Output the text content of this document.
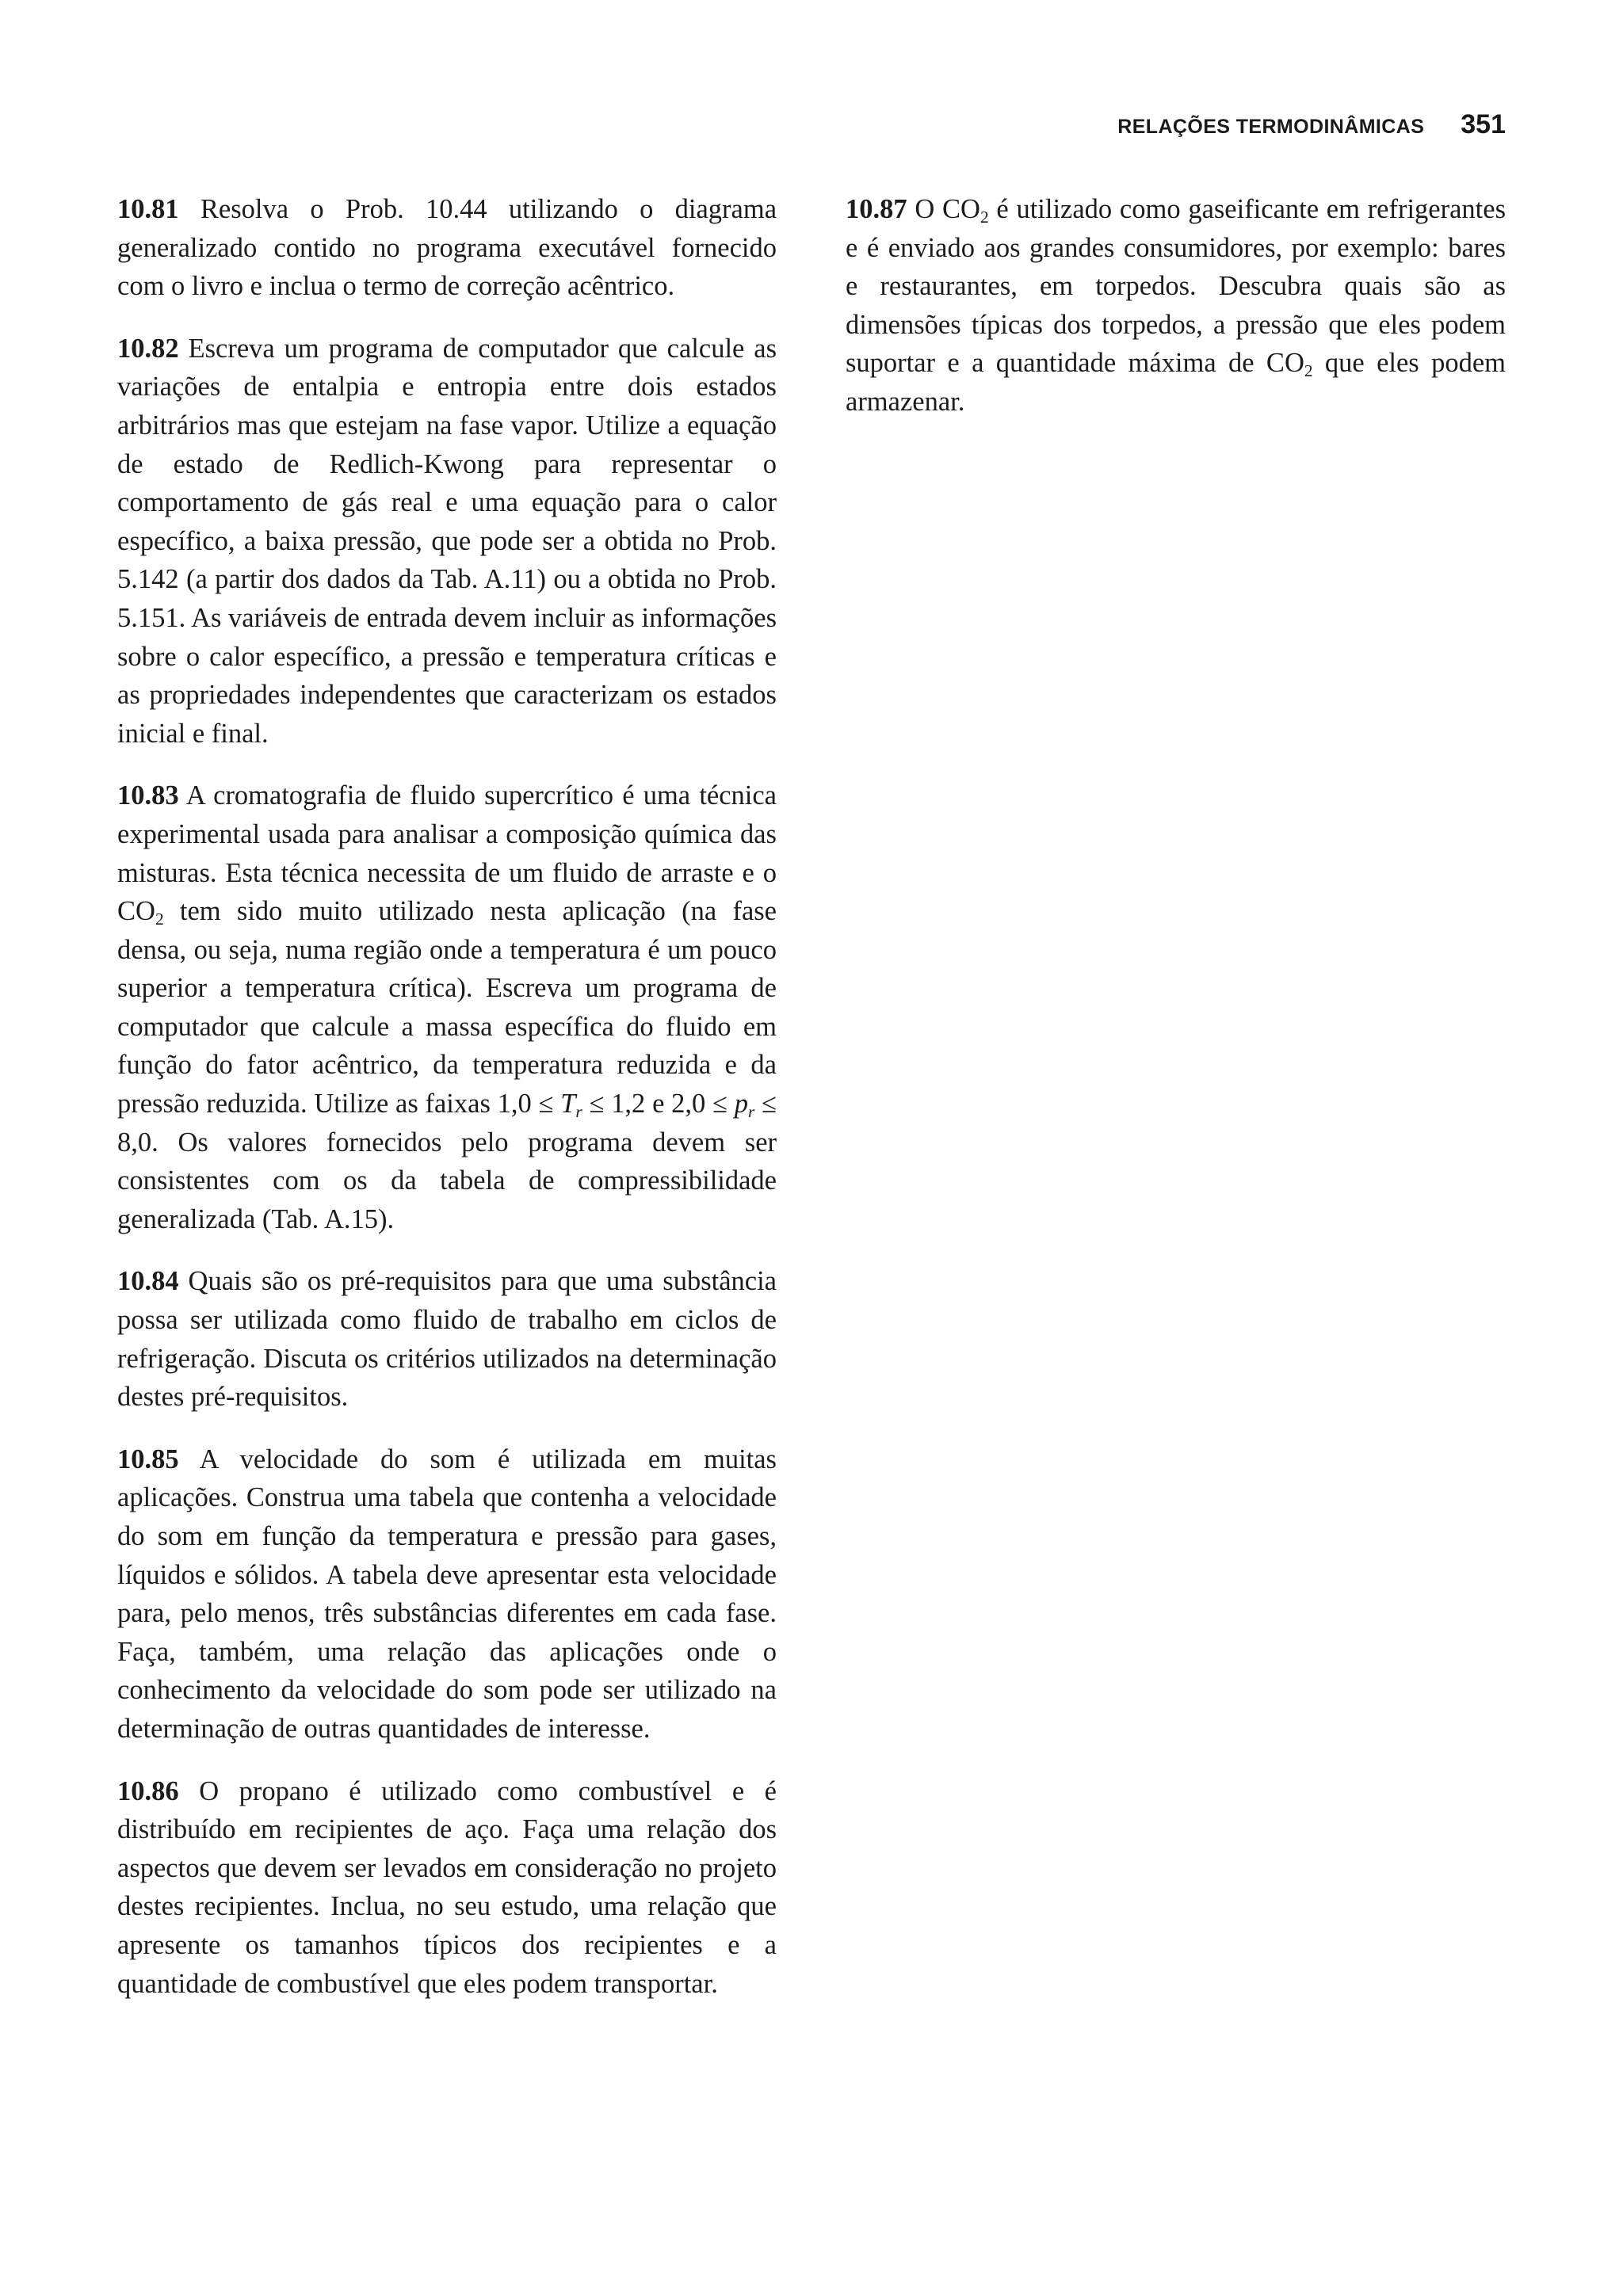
RELAÇÕES TERMODINÂMICAS 351

10.81 Resolva o Prob. 10.44 utilizando o diagrama generalizado contido no programa executável fornecido com o livro e inclua o termo de correção acêntrico.

10.82 Escreva um programa de computador que calcule as variações de entalpia e entropia entre dois estados arbitrários mas que estejam na fase vapor. Utilize a equação de estado de Redlich-Kwong para representar o comportamento de gás real e uma equação para o calor específico, a baixa pressão, que pode ser a obtida no Prob. 5.142 (a partir dos dados da Tab. A.11) ou a obtida no Prob. 5.151. As variáveis de entrada devem incluir as informações sobre o calor específico, a pressão e temperatura críticas e as propriedades independentes que caracterizam os estados inicial e final.

10.83 A cromatografia de fluido supercrítico é uma técnica experimental usada para analisar a composição química das misturas. Esta técnica necessita de um fluido de arraste e o $CO_2$ tem sido muito utilizado nesta aplicação (na fase densa, ou seja, numa região onde a temperatura é um pouco superior a temperatura crítica). Escreva um programa de computador que calcule a massa específica do fluido em função do fator acêntrico, da temperatura reduzida e da pressão reduzida. Utilize as faixas $1,0 \le T_r \le 1,2$ e $2,0 \le p_r \le 8,0$. Os valores fornecidos pelo programa devem ser consistentes com os da tabela de compressibilidade generalizada (Tab. A.15).

10.84 Quais são os pré-requisitos para que uma substância possa ser utilizada como fluido de trabalho em ciclos de refrigeração. Discuta os critérios utilizados na determinação destes pré-requisitos.

10.85 A velocidade do som é utilizada em muitas aplicações. Construa uma tabela que contenha a velocidade do som em função da temperatura e pressão para gases, líquidos e sólidos. A tabela deve apresentar esta velocidade para, pelo menos, três substâncias diferentes em cada fase. Faça, também, uma relação das aplicações onde o conhecimento da velocidade do som pode ser utilizado na determinação de outras quantidades de interesse.

10.86 O propano é utilizado como combustível e é distribuído em recipientes de aço. Faça uma relação dos aspectos que devem ser levados em consideração no projeto destes recipientes. Inclua, no seu estudo, uma relação que apresente os tamanhos típicos dos recipientes e a quantidade de combustível que eles podem transportar.

10.87 O $CO_2$ é utilizado como gaseificante em refrigerantes e é enviado aos grandes consumidores, por exemplo: bares e restaurantes, em torpedos. Descubra quais são as dimensões típicas dos torpedos, a pressão que eles podem suportar e a quantidade máxima de $CO_2$ que eles podem armazenar.
